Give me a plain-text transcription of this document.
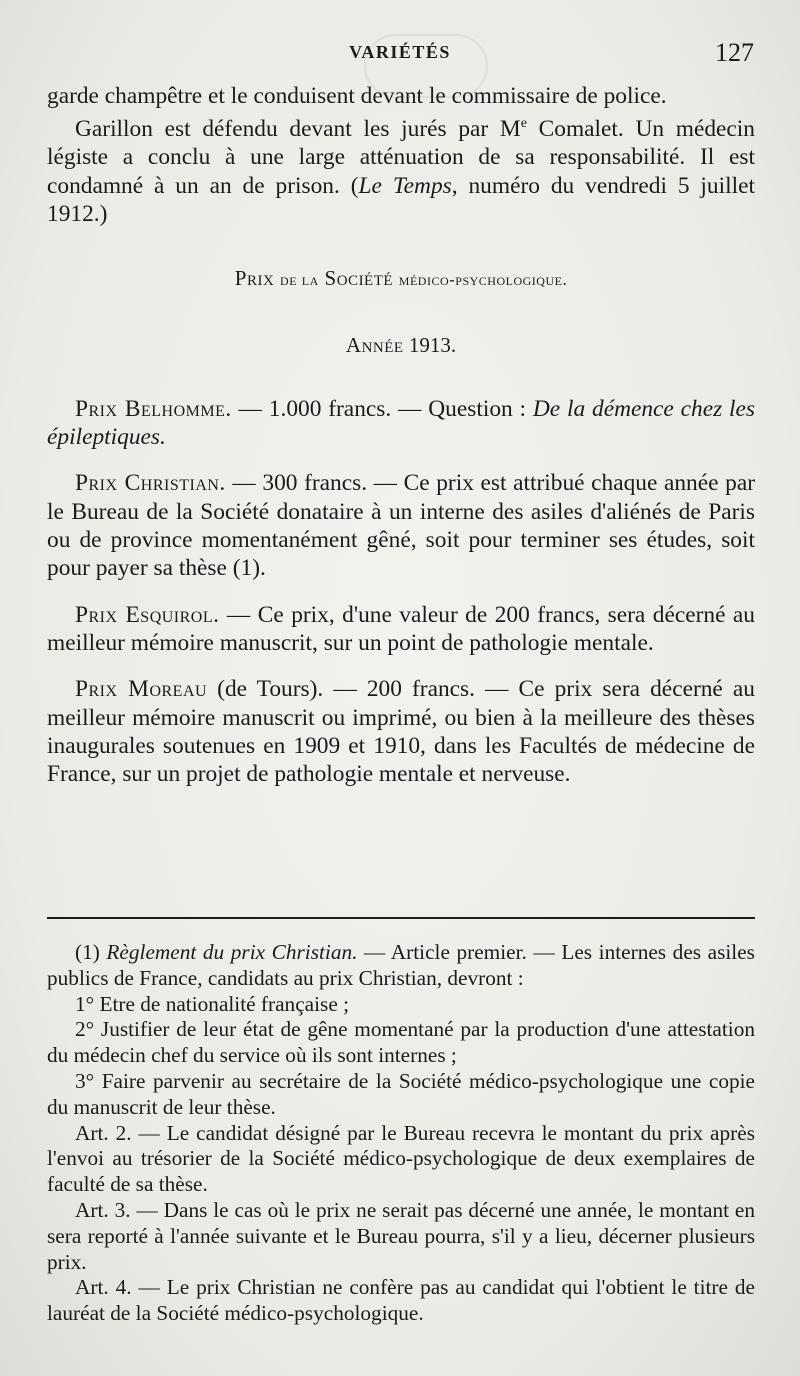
VARIÉTÉS	127

garde champêtre et le conduisent devant le commissaire de police.

Garillon est défendu devant les jurés par Me Comalet. Un médecin légiste a conclu à une large atténuation de sa responsabilité. Il est condamné à un an de prison. (Le Temps, numéro du vendredi 5 juillet 1912.)

Prix de la Société médico-psychologique.

Année 1913.

Prix Belhomme. — 1.000 francs. — Question : De la démence chez les épileptiques.

Prix Christian. — 300 francs. — Ce prix est attribué chaque année par le Bureau de la Société donataire à un interne des asiles d'aliénés de Paris ou de province momentanément gêné, soit pour terminer ses études, soit pour payer sa thèse (1).

Prix Esquirol. — Ce prix, d'une valeur de 200 francs, sera décerné au meilleur mémoire manuscrit, sur un point de pathologie mentale.

Prix Moreau (de Tours). — 200 francs. — Ce prix sera décerné au meilleur mémoire manuscrit ou imprimé, ou bien à la meilleure des thèses inaugurales soutenues en 1909 et 1910, dans les Facultés de médecine de France, sur un projet de pathologie mentale et nerveuse.

(1) Règlement du prix Christian. — Article premier. — Les internes des asiles publics de France, candidats au prix Christian, devront :

1° Etre de nationalité française ;

2° Justifier de leur état de gêne momentané par la production d'une attestation du médecin chef du service où ils sont internes ;

3° Faire parvenir au secrétaire de la Société médico-psychologique une copie du manuscrit de leur thèse.

Art. 2. — Le candidat désigné par le Bureau recevra le montant du prix après l'envoi au trésorier de la Société médico-psychologique de deux exemplaires de faculté de sa thèse.

Art. 3. — Dans le cas où le prix ne serait pas décerné une année, le montant en sera reporté à l'année suivante et le Bureau pourra, s'il y a lieu, décerner plusieurs prix.

Art. 4. — Le prix Christian ne confère pas au candidat qui l'obtient le titre de lauréat de la Société médico-psychologique.
